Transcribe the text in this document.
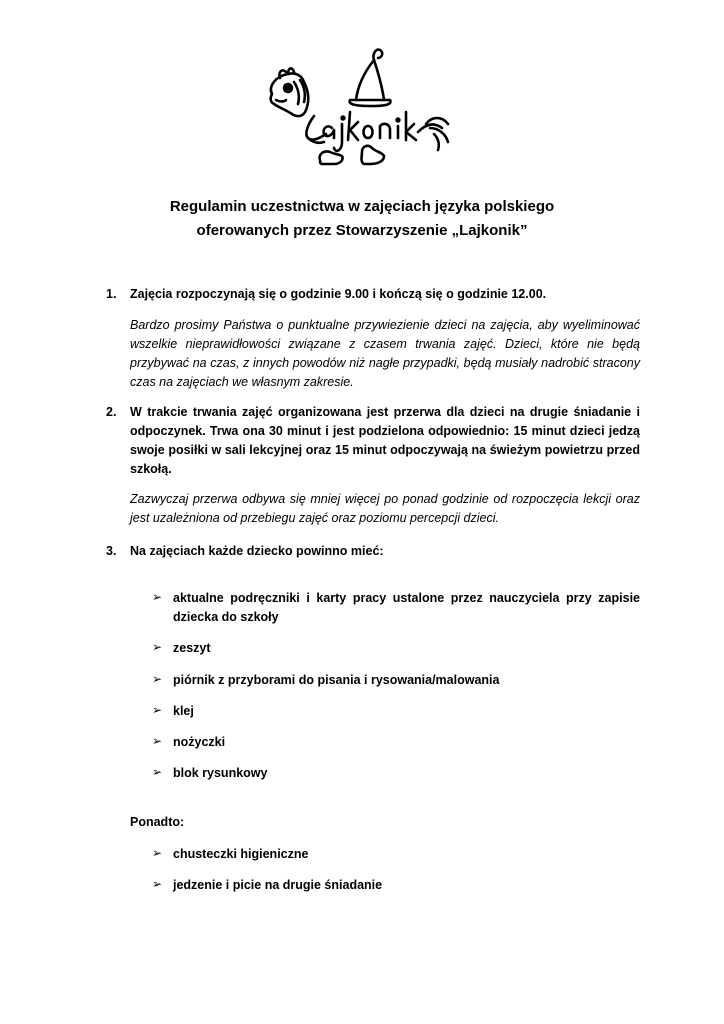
Regulamin uczestnictwa w zajęciach języka polskiego
oferowanych przez Stowarzyszenie „Lajkonik”
1. Zajęcia rozpoczynają się o godzinie 9.00 i kończą się o godzinie 12.00.
Bardzo prosimy Państwa o punktualne przywiezienie dzieci na zajęcia, aby wyeliminować wszelkie nieprawidłowości związane z czasem trwania zajęć. Dzieci, które nie będą przybywać na czas, z innych powodów niż nagłe przypadki, będą musiały nadrobić stracony czas na zajęciach we własnym zakresie.
2. W trakcie trwania zajęć organizowana jest przerwa dla dzieci na drugie śniadanie i odpoczynek. Trwa ona 30 minut i jest podzielona odpowiednio: 15 minut dzieci jedzą swoje posiłki w sali lekcyjnej oraz 15 minut odpoczywają na świeżym powietrzu przed szkołą.
Zazwyczaj przerwa odbywa się mniej więcej po ponad godzinie od rozpoczęcia lekcji oraz jest uzależniona od przebiegu zajęć oraz poziomu percepcji dzieci.
3. Na zajęciach każde dziecko powinno mieć:
➢ aktualne podręczniki i karty pracy ustalone przez nauczyciela przy zapisie dziecka do szkoły
➢ zeszyt
➢ piórnik z przyborami do pisania i rysowania/malowania
➢ klej
➢ nożyczki
➢ blok rysunkowy
Ponadto:
➢ chusteczki higieniczne
➢ jedzenie i picie na drugie śniadanie
